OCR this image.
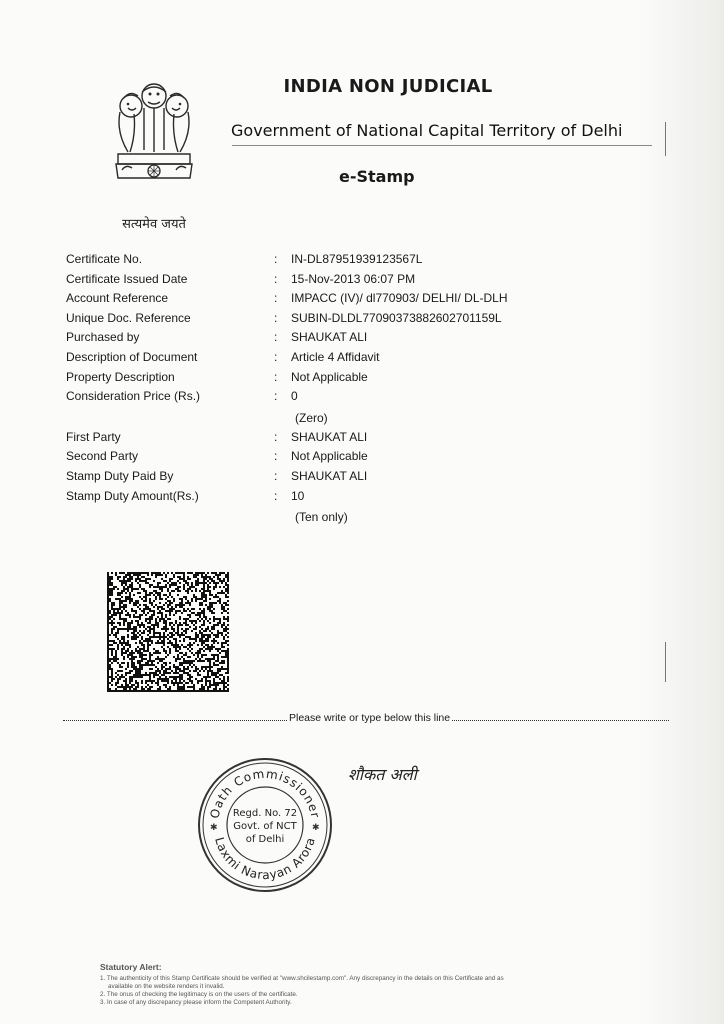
सत्यमेव जयते
INDIA NON JUDICIAL
Government of National Capital Territory of Delhi
e-Stamp
Certificate No.	: IN-DL87951939123567L
Certificate Issued Date	: 15-Nov-2013 06:07 PM
Account Reference	: IMPACC (IV)/ dl770903/ DELHI/ DL-DLH
Unique Doc. Reference	: SUBIN-DLDL77090373882602701159L
Purchased by	: SHAUKAT ALI
Description of Document	: Article 4 Affidavit
Property Description	: Not Applicable
Consideration Price (Rs.)	: 0
(Zero)
First Party	: SHAUKAT ALI
Second Party	: Not Applicable
Stamp Duty Paid By	: SHAUKAT ALI
Stamp Duty Amount(Rs.)	: 10
(Ten only)
Please write or type below this line
Oath Commissioner
Laxmi Narayan Arora
Regd. No. 72
Govt. of NCT
of Delhi
✱	✱
शौकत अली
Statutory Alert:
1. The authenticity of this Stamp Certificate should be verified at "www.shcilestamp.com". Any discrepancy in the details on this Certificate and as
available on the website renders it invalid.
2. The onus of checking the legitimacy is on the users of the certificate.
3. In case of any discrepancy please inform the Competent Authority.
